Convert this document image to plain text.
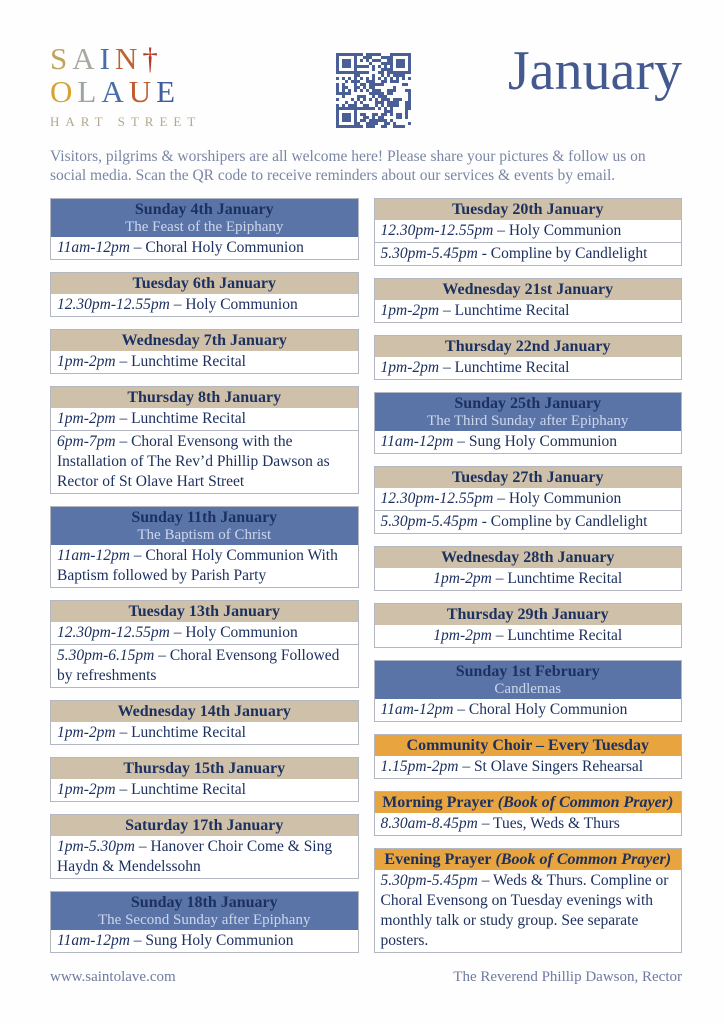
SAIN†
OLAUE
HART STREET
January

Visitors, pilgrims & worshipers are all welcome here! Please share your pictures & follow us on social media. Scan the QR code to receive reminders about our services & events by email.

Sunday 4th January
The Feast of the Epiphany
11am-12pm – Choral Holy Communion
Tuesday 6th January
12.30pm-12.55pm – Holy Communion
Wednesday 7th January
1pm-2pm – Lunchtime Recital
Thursday 8th January
1pm-2pm – Lunchtime Recital
6pm-7pm – Choral Evensong with the Installation of The Rev’d Phillip Dawson as Rector of St Olave Hart Street
Sunday 11th January
The Baptism of Christ
11am-12pm – Choral Holy Communion With Baptism followed by Parish Party
Tuesday 13th January
12.30pm-12.55pm – Holy Communion
5.30pm-6.15pm – Choral Evensong Followed by refreshments
Wednesday 14th January
1pm-2pm – Lunchtime Recital
Thursday 15th January
1pm-2pm – Lunchtime Recital
Saturday 17th January
1pm-5.30pm – Hanover Choir Come & Sing Haydn & Mendelssohn
Sunday 18th January
The Second Sunday after Epiphany
11am-12pm – Sung Holy Communion
Tuesday 20th January
12.30pm-12.55pm – Holy Communion
5.30pm-5.45pm - Compline by Candlelight
Wednesday 21st January
1pm-2pm – Lunchtime Recital
Thursday 22nd January
1pm-2pm – Lunchtime Recital
Sunday 25th January
The Third Sunday after Epiphany
11am-12pm – Sung Holy Communion
Tuesday 27th January
12.30pm-12.55pm – Holy Communion
5.30pm-5.45pm - Compline by Candlelight
Wednesday 28th January
1pm-2pm – Lunchtime Recital
Thursday 29th January
1pm-2pm – Lunchtime Recital
Sunday 1st February
Candlemas
11am-12pm – Choral Holy Communion
Community Choir – Every Tuesday
1.15pm-2pm – St Olave Singers Rehearsal
Morning Prayer (Book of Common Prayer)
8.30am-8.45pm – Tues, Weds & Thurs
Evening Prayer (Book of Common Prayer)
5.30pm-5.45pm – Weds & Thurs. Compline or Choral Evensong on Tuesday evenings with monthly talk or study group. See separate posters.
www.saintolave.com	The Reverend Phillip Dawson, Rector
